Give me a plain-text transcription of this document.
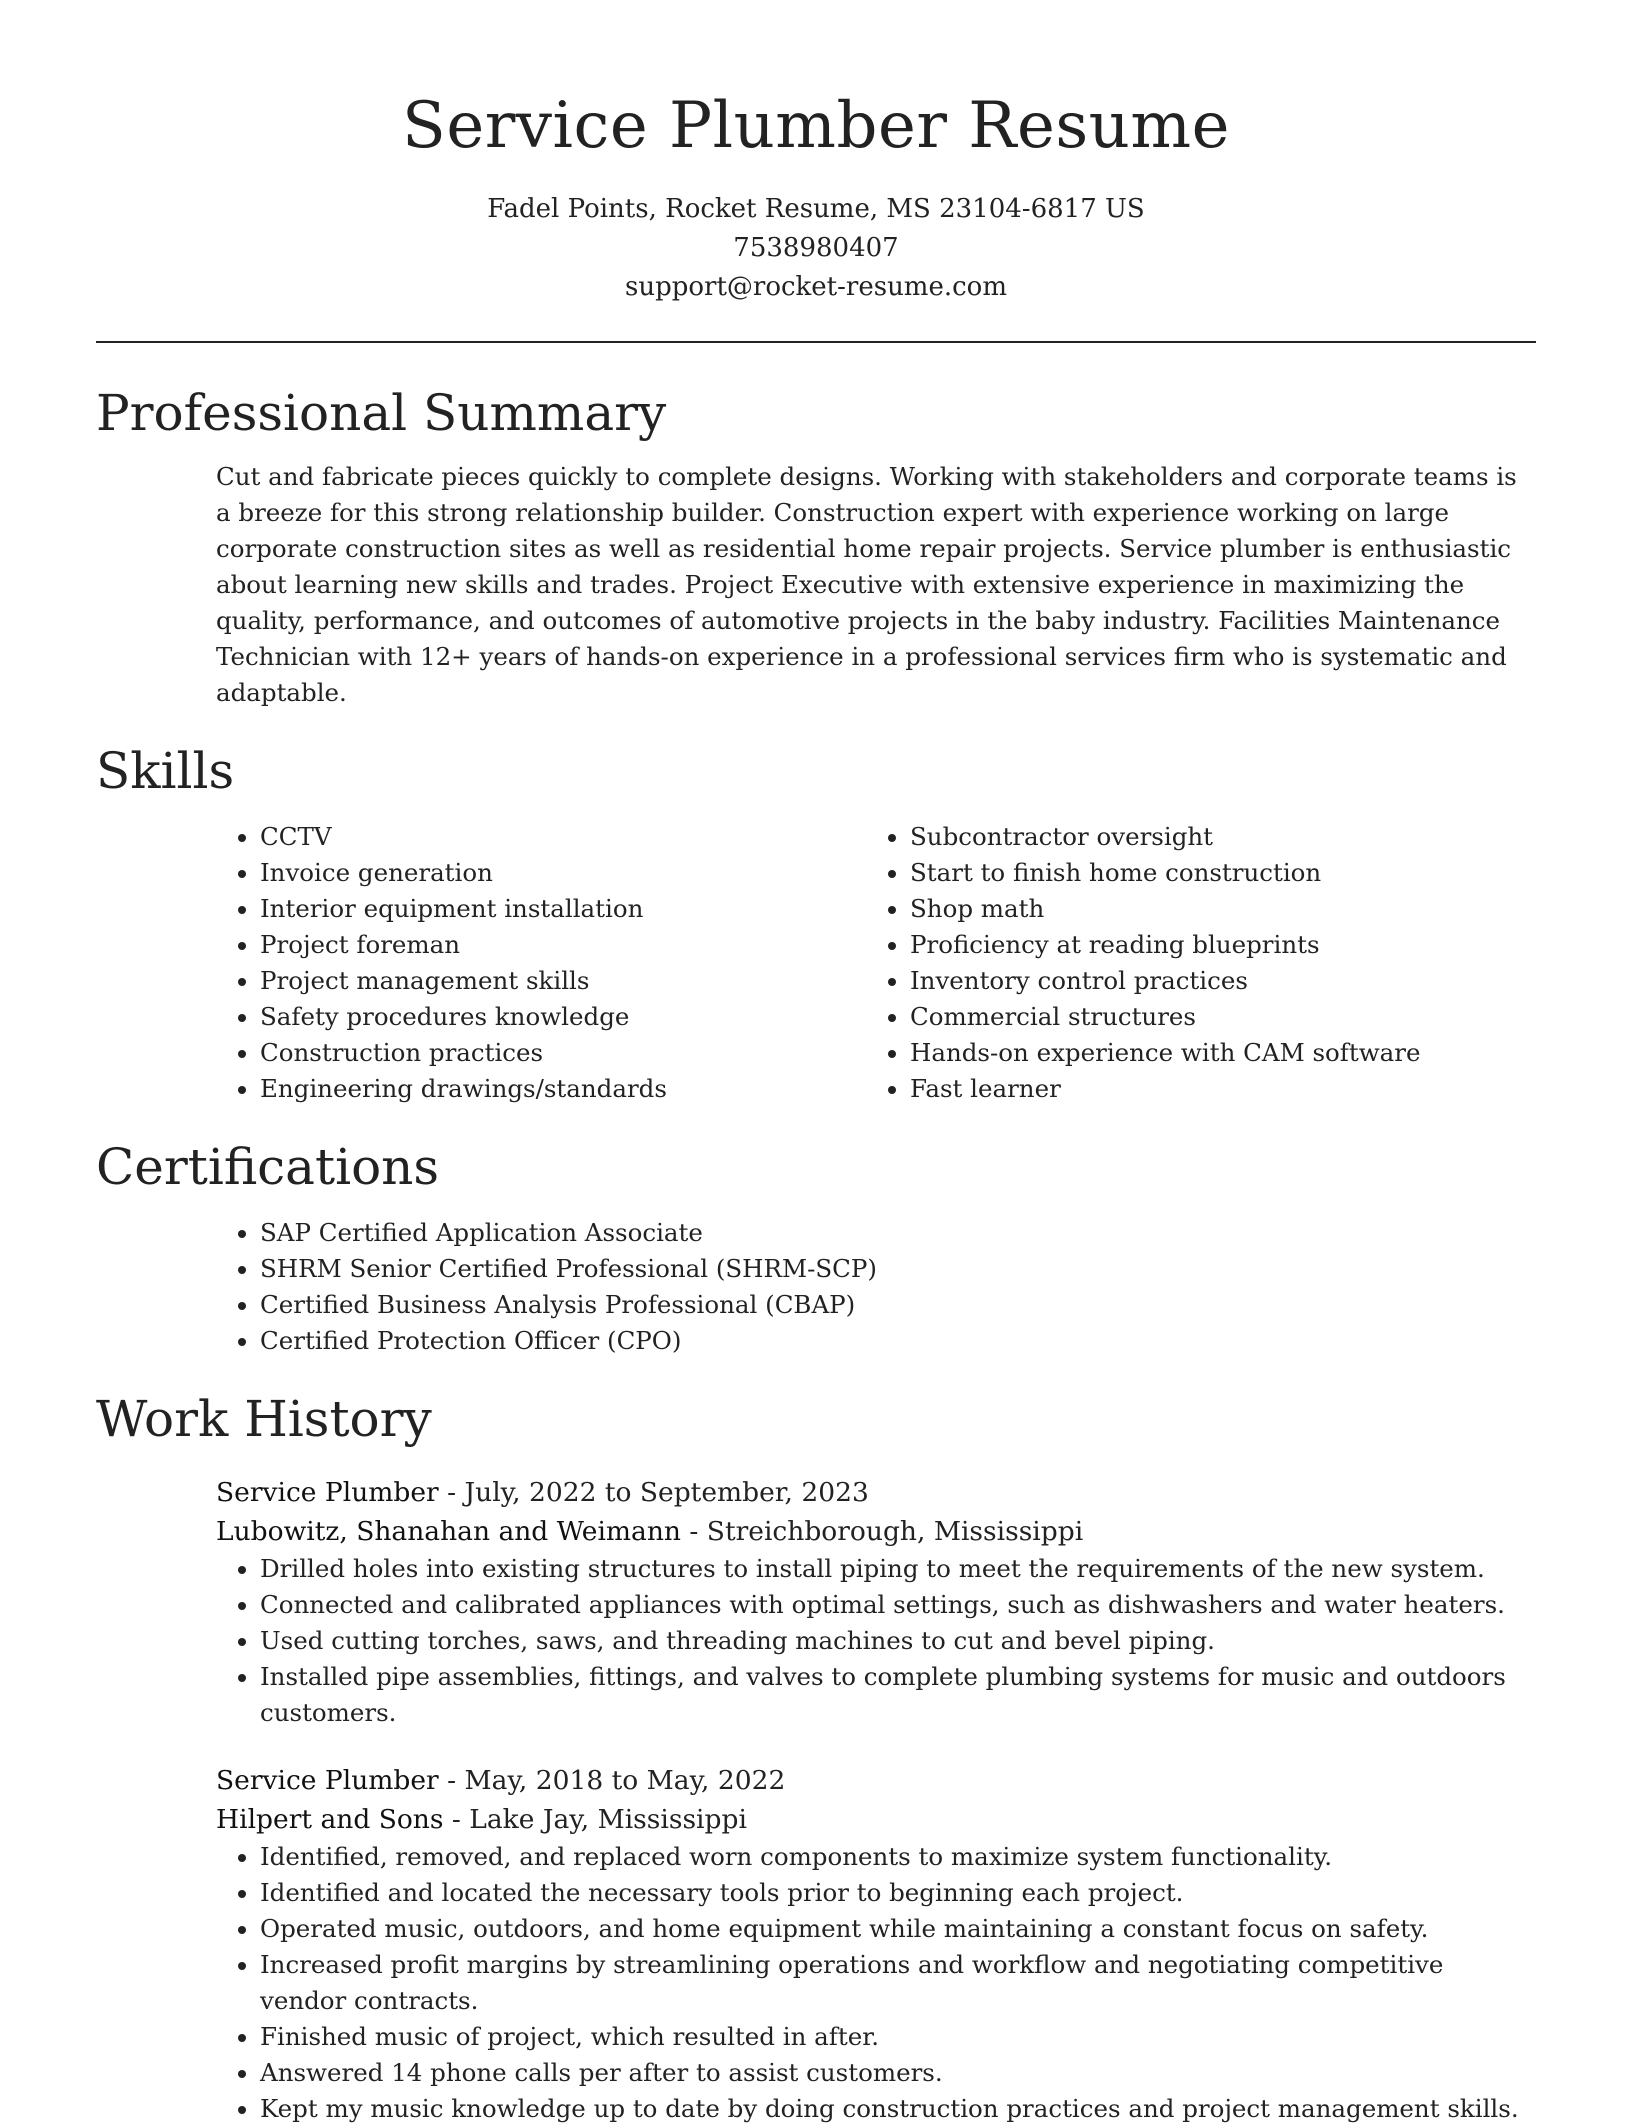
Service Plumber Resume
Fadel Points, Rocket Resume, MS 23104-6817 US
7538980407
support@rocket-resume.com
Professional Summary

Cut and fabricate pieces quickly to complete designs. Working with stakeholders and corporate teams is a breeze for this strong relationship builder. Construction expert with experience working on large corporate construction sites as well as residential home repair projects. Service plumber is enthusiastic about learning new skills and trades. Project Executive with extensive experience in maximizing the quality, performance, and outcomes of automotive projects in the baby industry. Facilities Maintenance Technician with 12+ years of hands-on experience in a professional services firm who is systematic and adaptable.

Skills
• CCTV
• Invoice generation
• Interior equipment installation
• Project foreman
• Project management skills
• Safety procedures knowledge
• Construction practices
• Engineering drawings/standards
• Subcontractor oversight
• Start to finish home construction
• Shop math
• Proficiency at reading blueprints
• Inventory control practices
• Commercial structures
• Hands-on experience with CAM software
• Fast learner
Certifications
• SAP Certified Application Associate
• SHRM Senior Certified Professional (SHRM-SCP)
• Certified Business Analysis Professional (CBAP)
• Certified Protection Officer (CPO)
Work History
Service Plumber - July, 2022 to September, 2023
Lubowitz, Shanahan and Weimann - Streichborough, Mississippi
• Drilled holes into existing structures to install piping to meet the requirements of the new system.
• Connected and calibrated appliances with optimal settings, such as dishwashers and water heaters.
• Used cutting torches, saws, and threading machines to cut and bevel piping.
• Installed pipe assemblies, fittings, and valves to complete plumbing systems for music and outdoors customers.
Service Plumber - May, 2018 to May, 2022
Hilpert and Sons - Lake Jay, Mississippi
• Identified, removed, and replaced worn components to maximize system functionality.
• Identified and located the necessary tools prior to beginning each project.
• Operated music, outdoors, and home equipment while maintaining a constant focus on safety.
• Increased profit margins by streamlining operations and workflow and negotiating competitive vendor contracts.
• Finished music of project, which resulted in after.
• Answered 14 phone calls per after to assist customers.
• Kept my music knowledge up to date by doing construction practices and project management skills.
